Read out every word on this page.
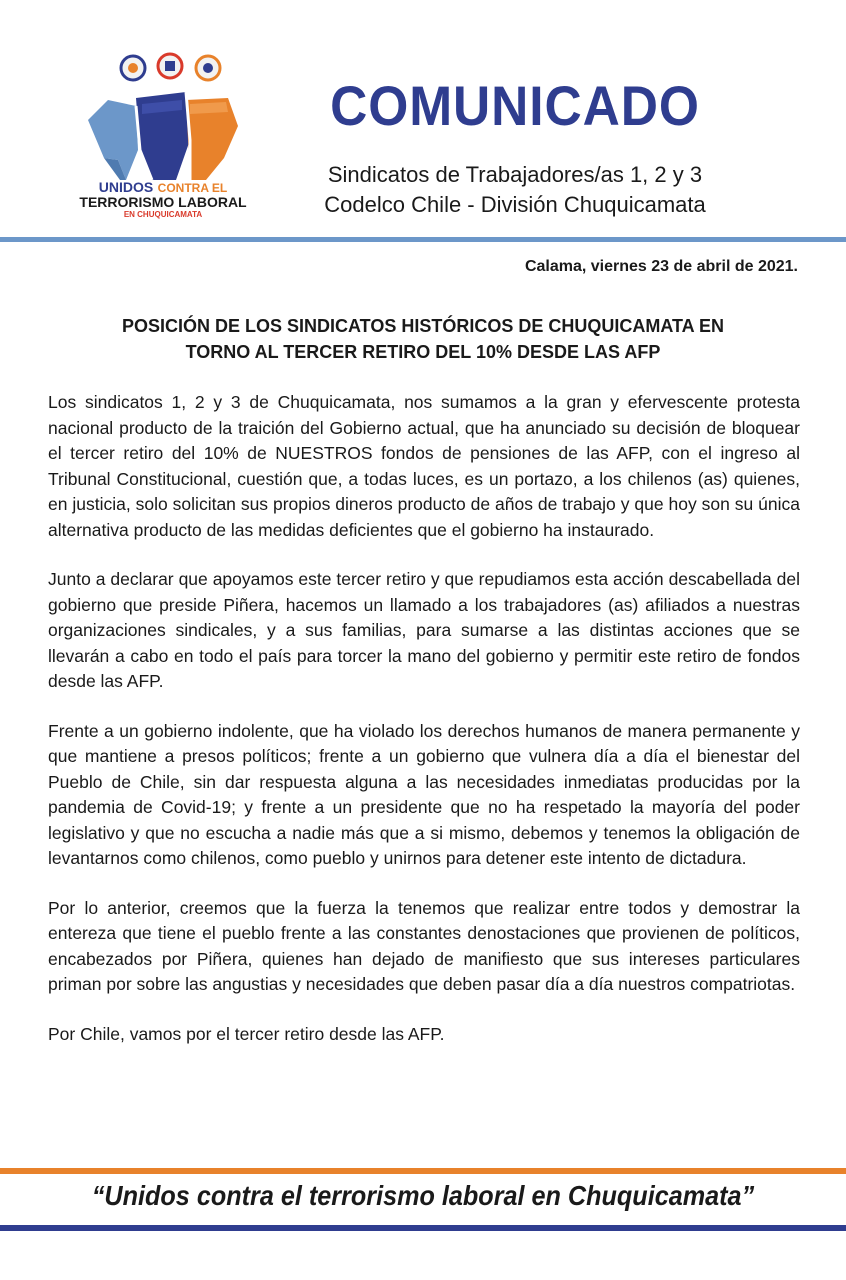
UNIDOS CONTRA EL
TERRORISMO LABORAL
EN CHUQUICAMATA
COMUNICADO
Sindicatos de Trabajadores/as 1, 2 y 3
Codelco Chile - División Chuquicamata
Calama, viernes 23 de abril de 2021.
POSICIÓN DE LOS SINDICATOS HISTÓRICOS DE CHUQUICAMATA EN
TORNO AL TERCER RETIRO DEL 10% DESDE LAS AFP

Los sindicatos 1, 2 y 3 de Chuquicamata, nos sumamos a la gran y efervescente protesta nacional producto de la traición del Gobierno actual, que ha anunciado su decisión de bloquear el tercer retiro del 10% de NUESTROS fondos de pensiones de las AFP, con el ingreso al Tribunal Constitucional, cuestión que, a todas luces, es un portazo, a los chilenos (as) quienes, en justicia, solo solicitan sus propios dineros producto de años de trabajo y que hoy son su única alternativa producto de las medidas deficientes que el gobierno ha instaurado.

Junto a declarar que apoyamos este tercer retiro y que repudiamos esta acción descabellada del gobierno que preside Piñera, hacemos un llamado a los trabajadores (as) afiliados a nuestras organizaciones sindicales, y a sus familias, para sumarse a las distintas acciones que se llevarán a cabo en todo el país para torcer la mano del gobierno y permitir este retiro de fondos desde las AFP.

Frente a un gobierno indolente, que ha violado los derechos humanos de manera permanente y que mantiene a presos políticos; frente a un gobierno que vulnera día a día el bienestar del Pueblo de Chile, sin dar respuesta alguna a las necesidades inmediatas producidas por la pandemia de Covid-19; y frente a un presidente que no ha respetado la mayoría del poder legislativo y que no escucha a nadie más que a si mismo, debemos y tenemos la obligación de levantarnos como chilenos, como pueblo y unirnos para detener este intento de dictadura.

Por lo anterior, creemos que la fuerza la tenemos que realizar entre todos y demostrar la entereza que tiene el pueblo frente a las constantes denostaciones que provienen de políticos, encabezados por Piñera, quienes han dejado de manifiesto que sus intereses particulares priman por sobre las angustias y necesidades que deben pasar día a día nuestros compatriotas.

Por Chile, vamos por el tercer retiro desde las AFP.

“Unidos contra el terrorismo laboral en Chuquicamata”
